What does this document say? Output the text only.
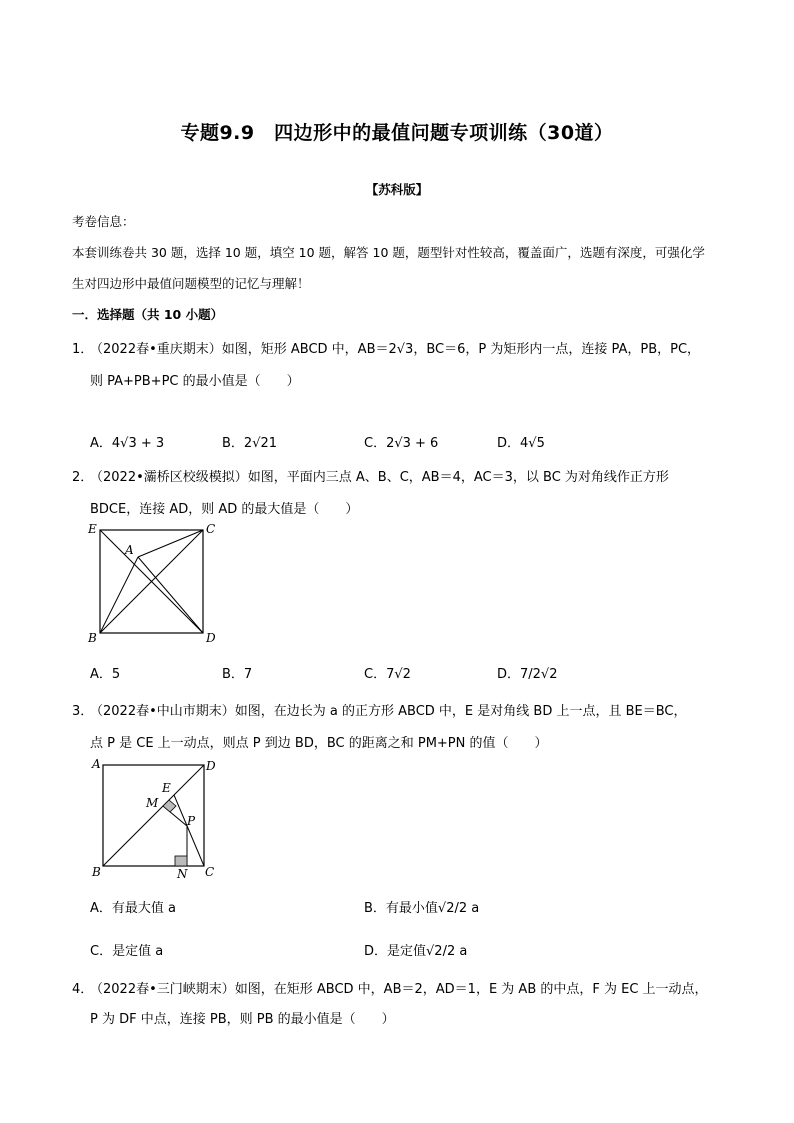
专题9.9　四边形中的最值问题专项训练（30道）
【苏科版】
考卷信息：
本套训练卷共 30 题，选择 10 题，填空 10 题，解答 10 题，题型针对性较高，覆盖面广，选题有深度，可强化学
生对四边形中最值问题模型的记忆与理解！
一．选择题（共 10 小题）
1．
（2022春•重庆期末）如图，矩形 ABCD 中，AB＝2√3，BC＝6，P 为矩形内一点，连接 PA，PB，PC，
则 PA+PB+PC 的最小值是（　　）
A．4√3 + 3	B．2√21	C．2√3 + 6	D．4√5
2．
（2022•灞桥区校级模拟）如图，平面内三点 A、B、C，AB＝4，AC＝3，以 BC 为对角线作正方形
BDCE，连接 AD，则 AD 的最大值是（　　）
E	C
A
B	D
A．5	B．7	C．7√2	D．7/2√2
3．
（2022春•中山市期末）如图，在边长为 a 的正方形 ABCD 中，E 是对角线 BD 上一点，且 BE＝BC，
点 P 是 CE 上一动点，则点 P 到边 BD，BC 的距离之和 PM+PN 的值（　　）
A	D
E
M
P
B	N C
A．有最大值 a	B．有最小值√2/2 a
C．是定值 a	D．是定值√2/2 a
4．
（2022春•三门峡期末）如图，在矩形 ABCD 中，AB＝2，AD＝1，E 为 AB 的中点，F 为 EC 上一动点，
P 为 DF 中点，连接 PB，则 PB 的最小值是（　　）
